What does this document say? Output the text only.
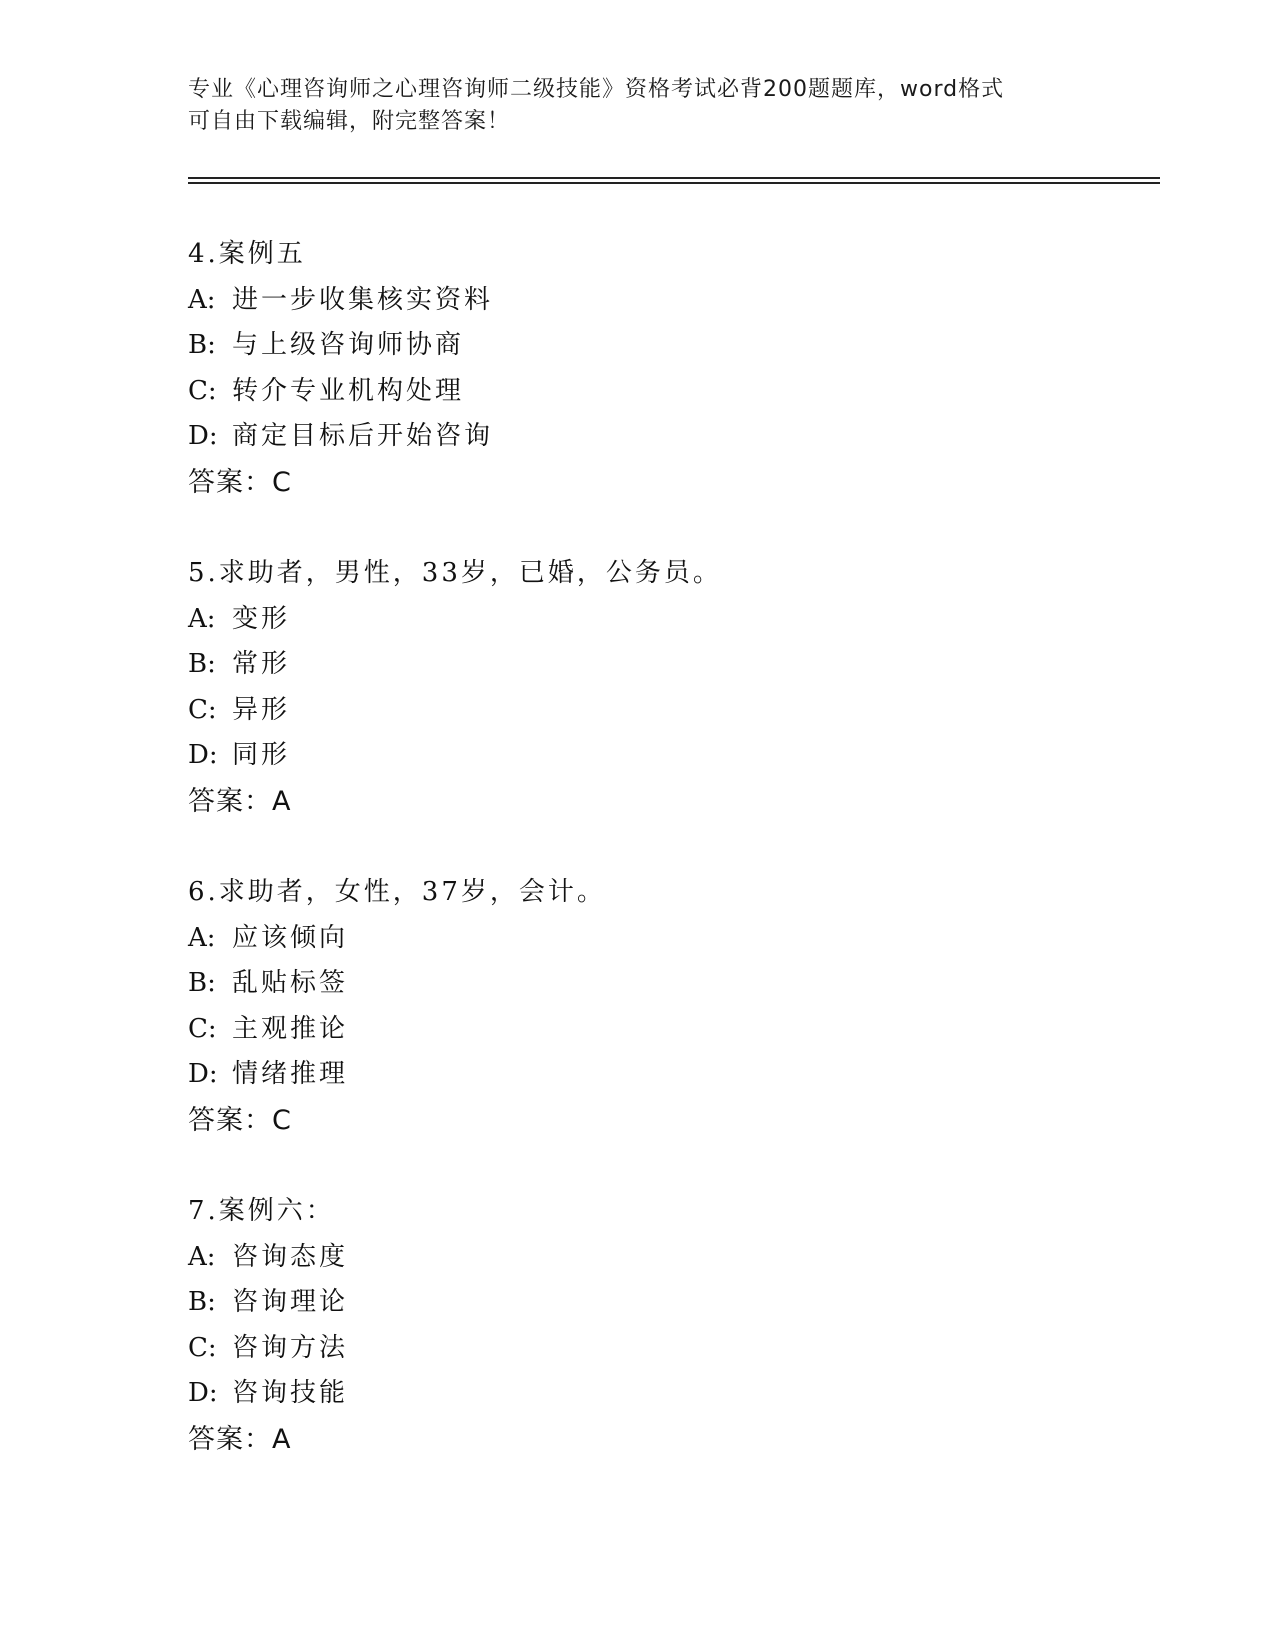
专业《心理咨询师之心理咨询师二级技能》资格考试必背200题题库，word格式
可自由下载编辑，附完整答案！
4.案例五
A: 进一步收集核实资料
B: 与上级咨询师协商
C: 转介专业机构处理
D: 商定目标后开始咨询
答案：C
5.求助者，男性，33岁，已婚，公务员。
A: 变形
B: 常形
C: 异形
D: 同形
答案：A
6.求助者，女性，37岁，会计。
A: 应该倾向
B: 乱贴标签
C: 主观推论
D: 情绪推理
答案：C
7.案例六：
A: 咨询态度
B: 咨询理论
C: 咨询方法
D: 咨询技能
答案：A
